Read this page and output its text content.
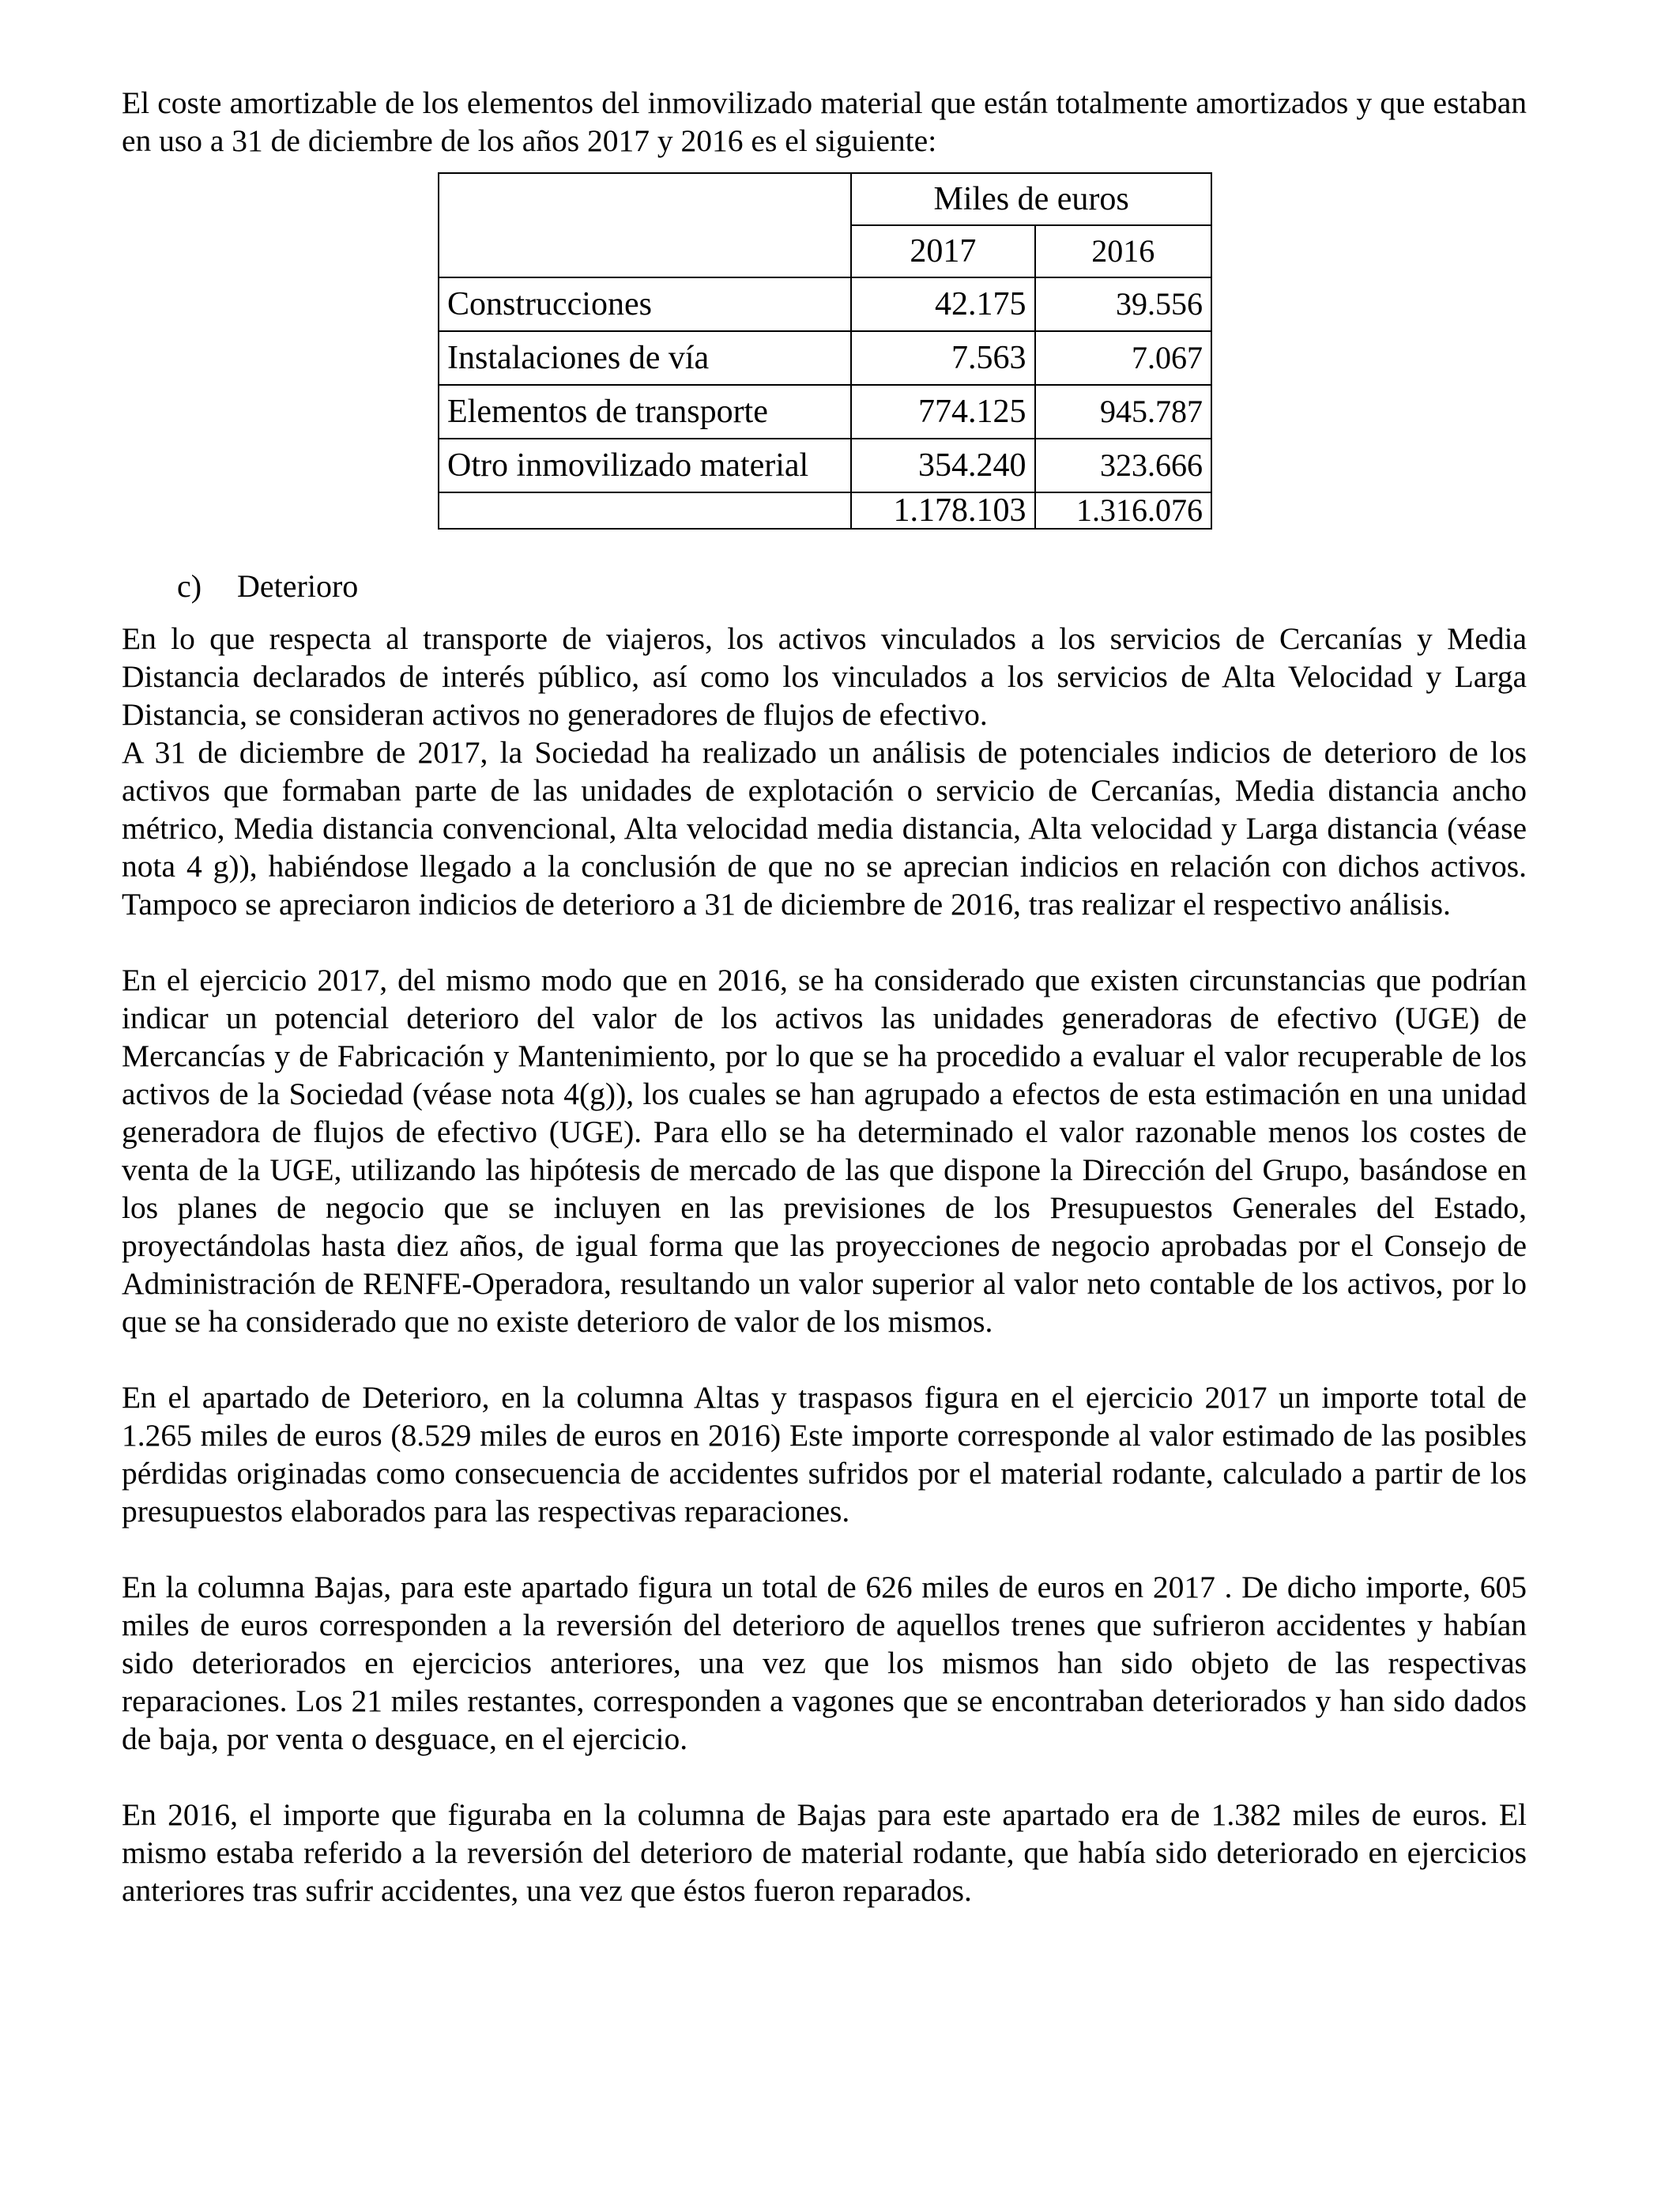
El coste amortizable de los elementos del inmovilizado material que están totalmente amortizados y que estaban en uso a 31 de diciembre de los años 2017 y 2016 es el siguiente:

	Miles de euros	
	2017	2016
Construcciones	42.175	39.556
Instalaciones de vía	7.563	7.067
Elementos de transporte	774.125	945.787
Otro inmovilizado material	354.240	323.666
	1.178.103	1.316.076
c) Deterioro

En lo que respecta al transporte de viajeros, los activos vinculados a los servicios de Cercanías y Media Distancia declarados de interés público, así como los vinculados a los servicios de Alta Velocidad y Larga Distancia, se consideran activos no generadores de flujos de efectivo.

A 31 de diciembre de 2017, la Sociedad ha realizado un análisis de potenciales indicios de deterioro de los activos que formaban parte de las unidades de explotación o servicio de Cercanías, Media distancia ancho métrico, Media distancia convencional, Alta velocidad media distancia, Alta velocidad y Larga distancia (véase nota 4 g)), habiéndose llegado a la conclusión de que no se aprecian indicios en relación con dichos activos. Tampoco se apreciaron indicios de deterioro a 31 de diciembre de 2016, tras realizar el respectivo análisis.

En el ejercicio 2017, del mismo modo que en 2016, se ha considerado que existen circunstancias que podrían indicar un potencial deterioro del valor de los activos las unidades generadoras de efectivo (UGE) de Mercancías y de Fabricación y Mantenimiento, por lo que se ha procedido a evaluar el valor recuperable de los activos de la Sociedad (véase nota 4(g)), los cuales se han agrupado a efectos de esta estimación en una unidad generadora de flujos de efectivo (UGE). Para ello se ha determinado el valor razonable menos los costes de venta de la UGE, utilizando las hipótesis de mercado de las que dispone la Dirección del Grupo, basándose en los planes de negocio que se incluyen en las previsiones de los Presupuestos Generales del Estado, proyectándolas hasta diez años, de igual forma que las proyecciones de negocio aprobadas por el Consejo de Administración de RENFE-Operadora, resultando un valor superior al valor neto contable de los activos, por lo que se ha considerado que no existe deterioro de valor de los mismos.

En el apartado de Deterioro, en la columna Altas y traspasos figura en el ejercicio 2017 un importe total de 1.265 miles de euros (8.529 miles de euros en 2016) Este importe corresponde al valor estimado de las posibles pérdidas originadas como consecuencia de accidentes sufridos por el material rodante, calculado a partir de los presupuestos elaborados para las respectivas reparaciones.

En la columna Bajas, para este apartado figura un total de 626 miles de euros en 2017 . De dicho importe, 605 miles de euros corresponden a la reversión del deterioro de aquellos trenes que sufrieron accidentes y habían sido deteriorados en ejercicios anteriores, una vez que los mismos han sido objeto de las respectivas reparaciones. Los 21 miles restantes, corresponden a vagones que se encontraban deteriorados y han sido dados de baja, por venta o desguace, en el ejercicio.

En 2016, el importe que figuraba en la columna de Bajas para este apartado era de 1.382 miles de euros. El mismo estaba referido a la reversión del deterioro de material rodante, que había sido deteriorado en ejercicios anteriores tras sufrir accidentes, una vez que éstos fueron reparados.
